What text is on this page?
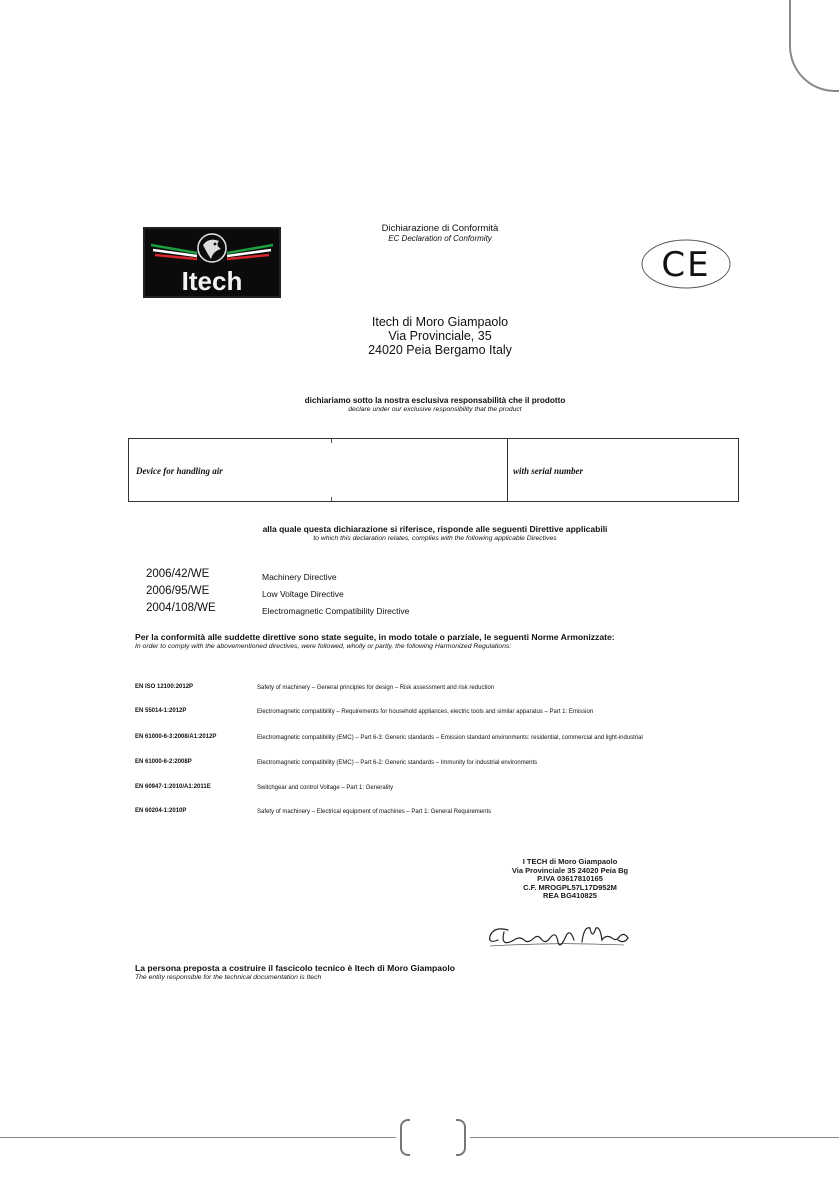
Dichiarazione di Conformità
EC Declaration of Conformity
Itech	CE
Itech di Moro Giampaolo
Via Provinciale, 35
24020 Peia Bergamo Italy
dichiariamo sotto la nostra esclusiva responsabilità che il prodotto
declare under our exclusive responsibility that the product
Device for handling air	with serial number
alla quale questa dichiarazione si riferisce, risponde alle seguenti Direttive applicabili
to which this declaration relates, complies with the following applicable Directives
2006/42/WE	Machinery Directive
2006/95/WE	Low Voltage Directive
2004/108/WE	Electromagnetic Compatibility Directive
Per la conformità alle suddette direttive sono state seguite, in modo totale o parziale, le seguenti Norme Armonizzate:
In order to comply with the abovementioned directives, were followed, wholly or partly, the following Harmonized Regulations:
EN ISO 12100:2012P	Safety of machinery – General principles for design – Risk assessment and risk reduction
EN 55014-1:2012P	Electromagnetic compatibility – Requirements for household appliances, electric tools and similar apparatus – Part 1: Emission
EN 61000-6-3:2008/A1:2012P	Electromagnetic compatibility (EMC) – Part 6-3: Generic standards – Emission standard environments: residential, commercial and light-industrial
EN 61000-6-2:2008P	Electromagnetic compatibility (EMC) – Part 6-2: Generic standards – Immunity for industrial environments
EN 60947-1:2010/A1:2011E	Switchgear and control Voltage – Part 1: Generality
EN 60204-1:2010P	Safety of machinery – Electrical equipment of machines – Part 1: General Requirements
I TECH di Moro Giampaolo
Via Provinciale 35 24020 Peia Bg
P.IVA 03617810165
C.F. MROGPL57L17D952M
REA BG410825
La persona preposta a costruire il fascicolo tecnico è Itech di Moro Giampaolo
The entity responsible for the technical documentation is Itech
